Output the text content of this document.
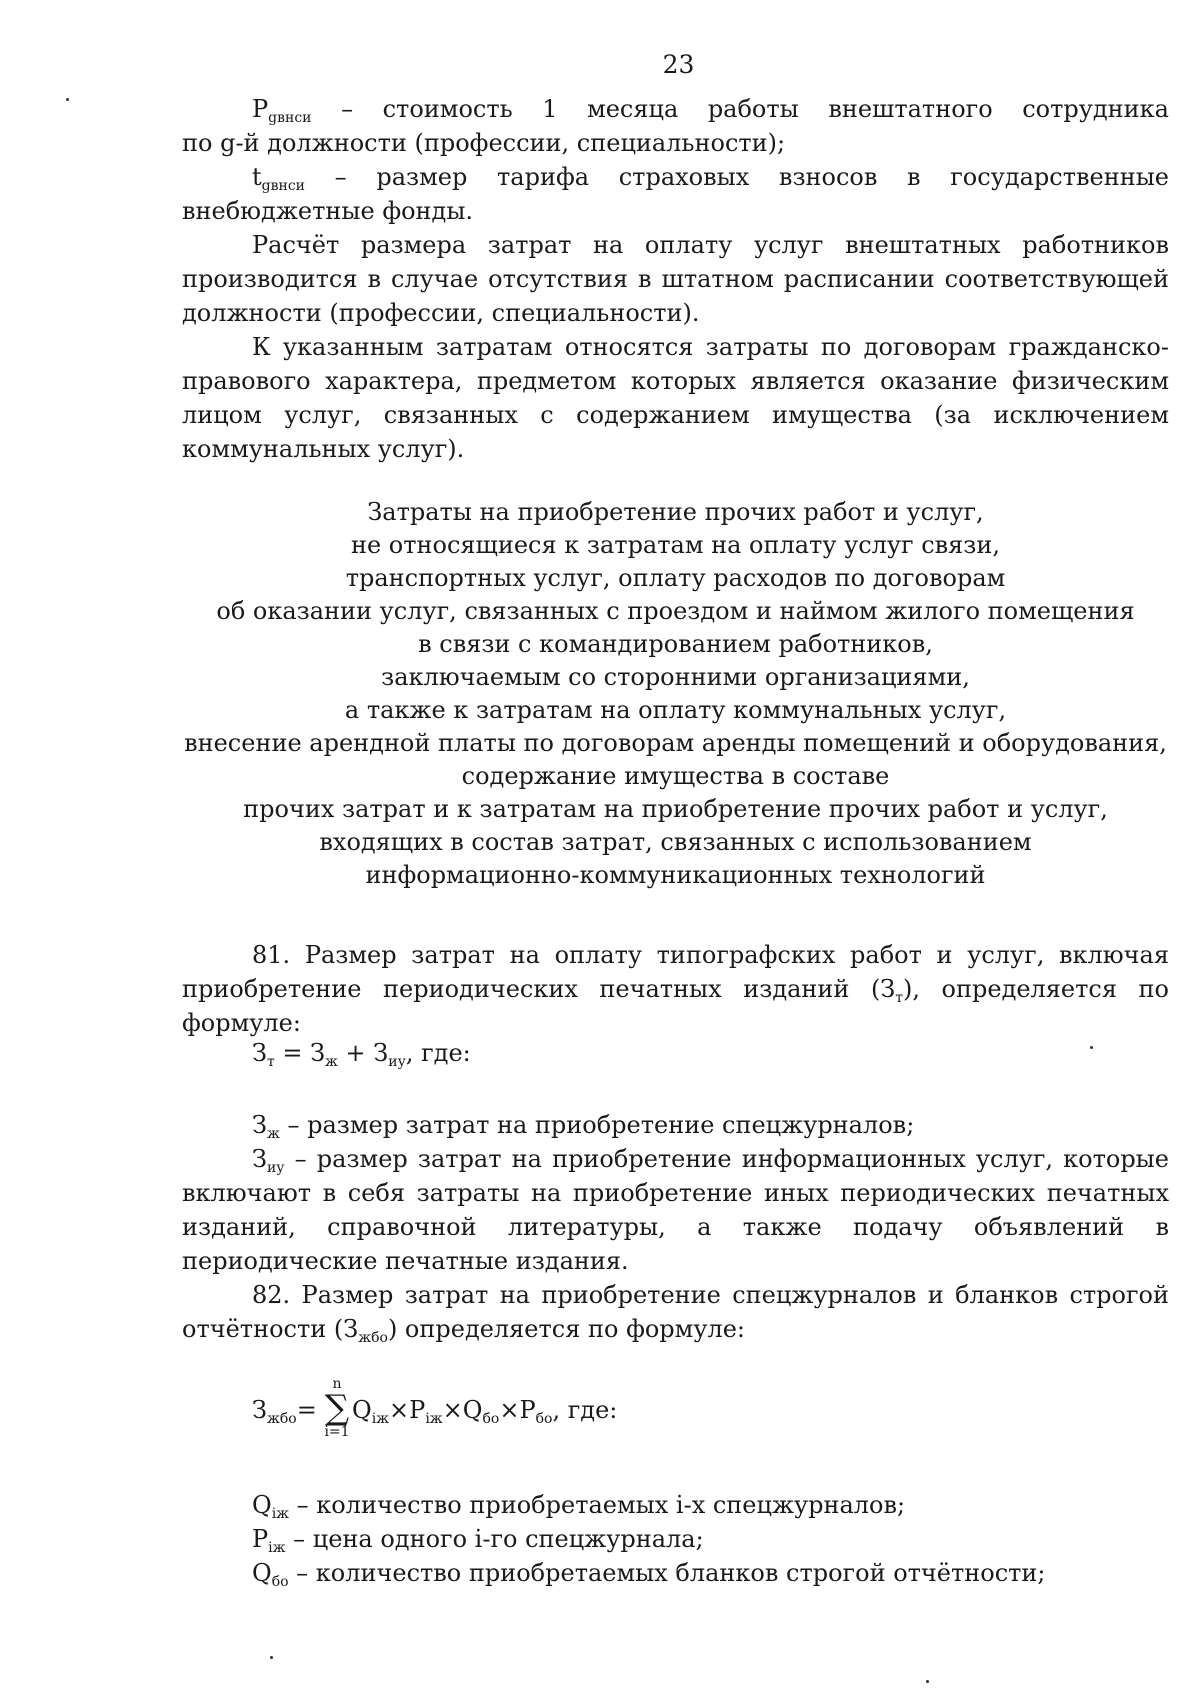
23
$P_{gвнси}$ – стоимость 1 месяца работы внештатного сотрудника
по g-й должности (профессии, специальности);
$t_{gвнси}$ – размер тарифа страховых взносов в государственные внебюджетные фонды.
Расчёт размера затрат на оплату услуг внештатных работников производится в случае отсутствия в штатном расписании соответствующей должности (профессии, специальности).
К указанным затратам относятся затраты по договорам гражданско-правового характера, предметом которых является оказание физическим лицом услуг, связанных с содержанием имущества (за исключением коммунальных услуг).
Затраты на приобретение прочих работ и услуг,
не относящиеся к затратам на оплату услуг связи,
транспортных услуг, оплату расходов по договорам
об оказании услуг, связанных с проездом и наймом жилого помещения
в связи с командированием работников,
заключаемым со сторонними организациями,
а также к затратам на оплату коммунальных услуг,
внесение арендной платы по договорам аренды помещений и оборудования,
содержание имущества в составе
прочих затрат и к затратам на приобретение прочих работ и услуг,
входящих в состав затрат, связанных с использованием
информационно-коммуникационных технологий
81. Размер затрат на оплату типографских работ и услуг, включая приобретение периодических печатных изданий $(З_т)$, определяется по формуле:
$З_т = З_ж + З_{иу}$, где:
$З_ж$ – размер затрат на приобретение спецжурналов;
$З_{иу}$ – размер затрат на приобретение информационных услуг, которые включают в себя затраты на приобретение иных периодических печатных изданий, справочной литературы, а также подачу объявлений в периодические печатные издания.
82. Размер затрат на приобретение спецжурналов и бланков строгой отчётности $(З_{жбо})$ определяется по формуле:
$З_{жбо}=$
n
∑
i=1
$Q_{iж}\times P_{iж}\times Q_{бо}\times P_{бо}$, где:
$Q_{iж}$ – количество приобретаемых i-х спецжурналов;
$P_{iж}$ – цена одного i-го спецжурнала;
$Q_{бо}$ – количество приобретаемых бланков строгой отчётности;
